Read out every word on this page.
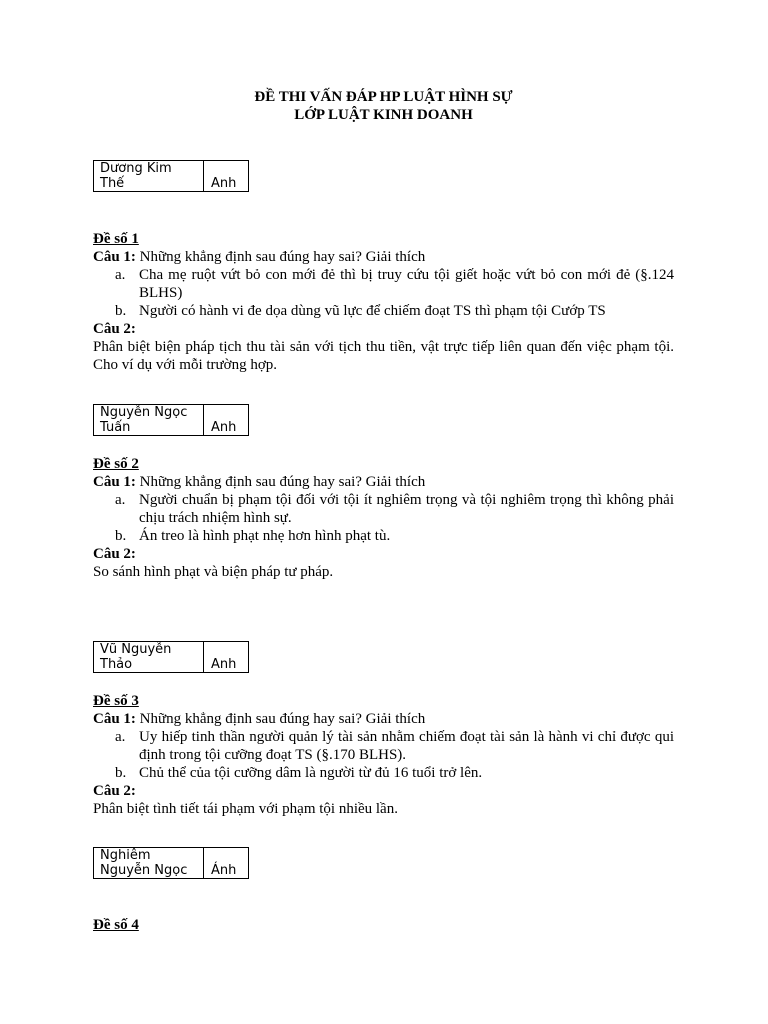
ĐỀ THI VẤN ĐÁP HP LUẬT HÌNH SỰ
LỚP LUẬT KINH DOANH
Dương Kim
Thế	Anh

Đề số 1

Câu 1: Những khẳng định sau đúng hay sai? Giải thích

a. Cha mẹ ruột vứt bỏ con mới đẻ thì bị truy cứu tội giết hoặc vứt bỏ con mới đẻ (§.124 BLHS)
b. Người có hành vi đe dọa dùng vũ lực để chiếm đoạt TS thì phạm tội Cướp TS

Câu 2:

Phân biệt biện pháp tịch thu tài sản với tịch thu tiền, vật trực tiếp liên quan đến việc phạm tội. Cho ví dụ với mỗi trường hợp.

Nguyễn Ngọc
Tuấn	Anh

Đề số 2

Câu 1: Những khẳng định sau đúng hay sai? Giải thích

a. Người chuẩn bị phạm tội đối với tội ít nghiêm trọng và tội nghiêm trọng thì không phải chịu trách nhiệm hình sự.
b. Án treo là hình phạt nhẹ hơn hình phạt tù.

Câu 2:

So sánh hình phạt và biện pháp tư pháp.

Vũ Nguyễn
Thảo	Anh

Đề số 3

Câu 1: Những khẳng định sau đúng hay sai? Giải thích

a. Uy hiếp tinh thần người quản lý tài sản nhằm chiếm đoạt tài sản là hành vi chỉ được qui định trong tội cưỡng đoạt TS (§.170 BLHS).
b. Chủ thể của tội cưỡng dâm là người từ đủ 16 tuổi trở lên.

Câu 2:

Phân biệt tình tiết tái phạm với phạm tội nhiều lần.

Nghiêm
Nguyễn Ngọc	Ánh

Đề số 4
